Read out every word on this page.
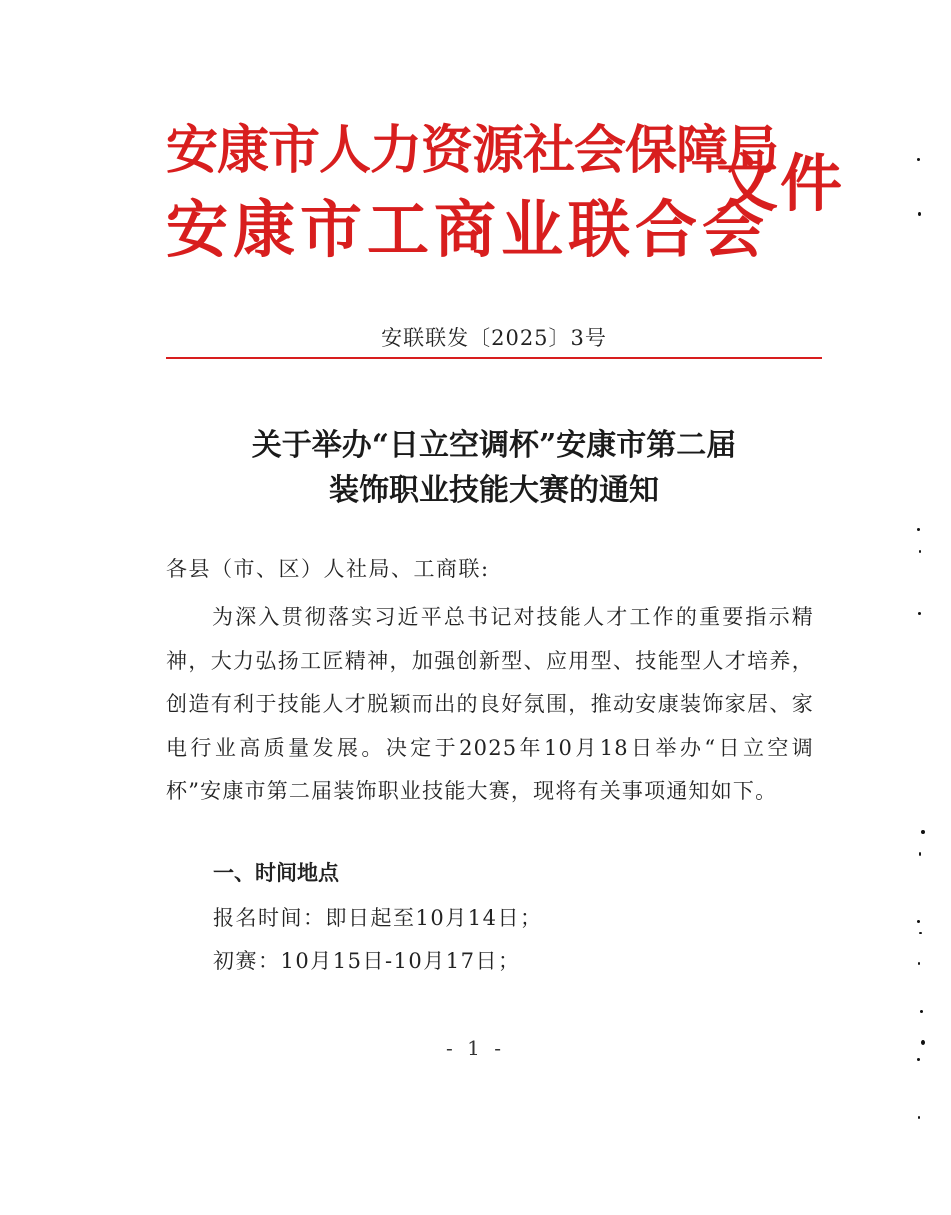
安康市人力资源社会保障局
安康市工商业联合会
文件
安联联发〔2025〕3号
关于举办“日立空调杯”安康市第二届
装饰职业技能大赛的通知
各县（市、区）人社局、工商联:
为深入贯彻落实习近平总书记对技能人才工作的重要指示精神，大力弘扬工匠精神，加强创新型、应用型、技能型人才培养，创造有利于技能人才脱颖而出的良好氛围，推动安康装饰家居、家电行业高质量发展。决定于2025年10月18日举办“日立空调杯”安康市第二届装饰职业技能大赛，现将有关事项通知如下。
一、时间地点
报名时间：即日起至10月14日；
初赛：10月15日-10月17日；
- 1 -
